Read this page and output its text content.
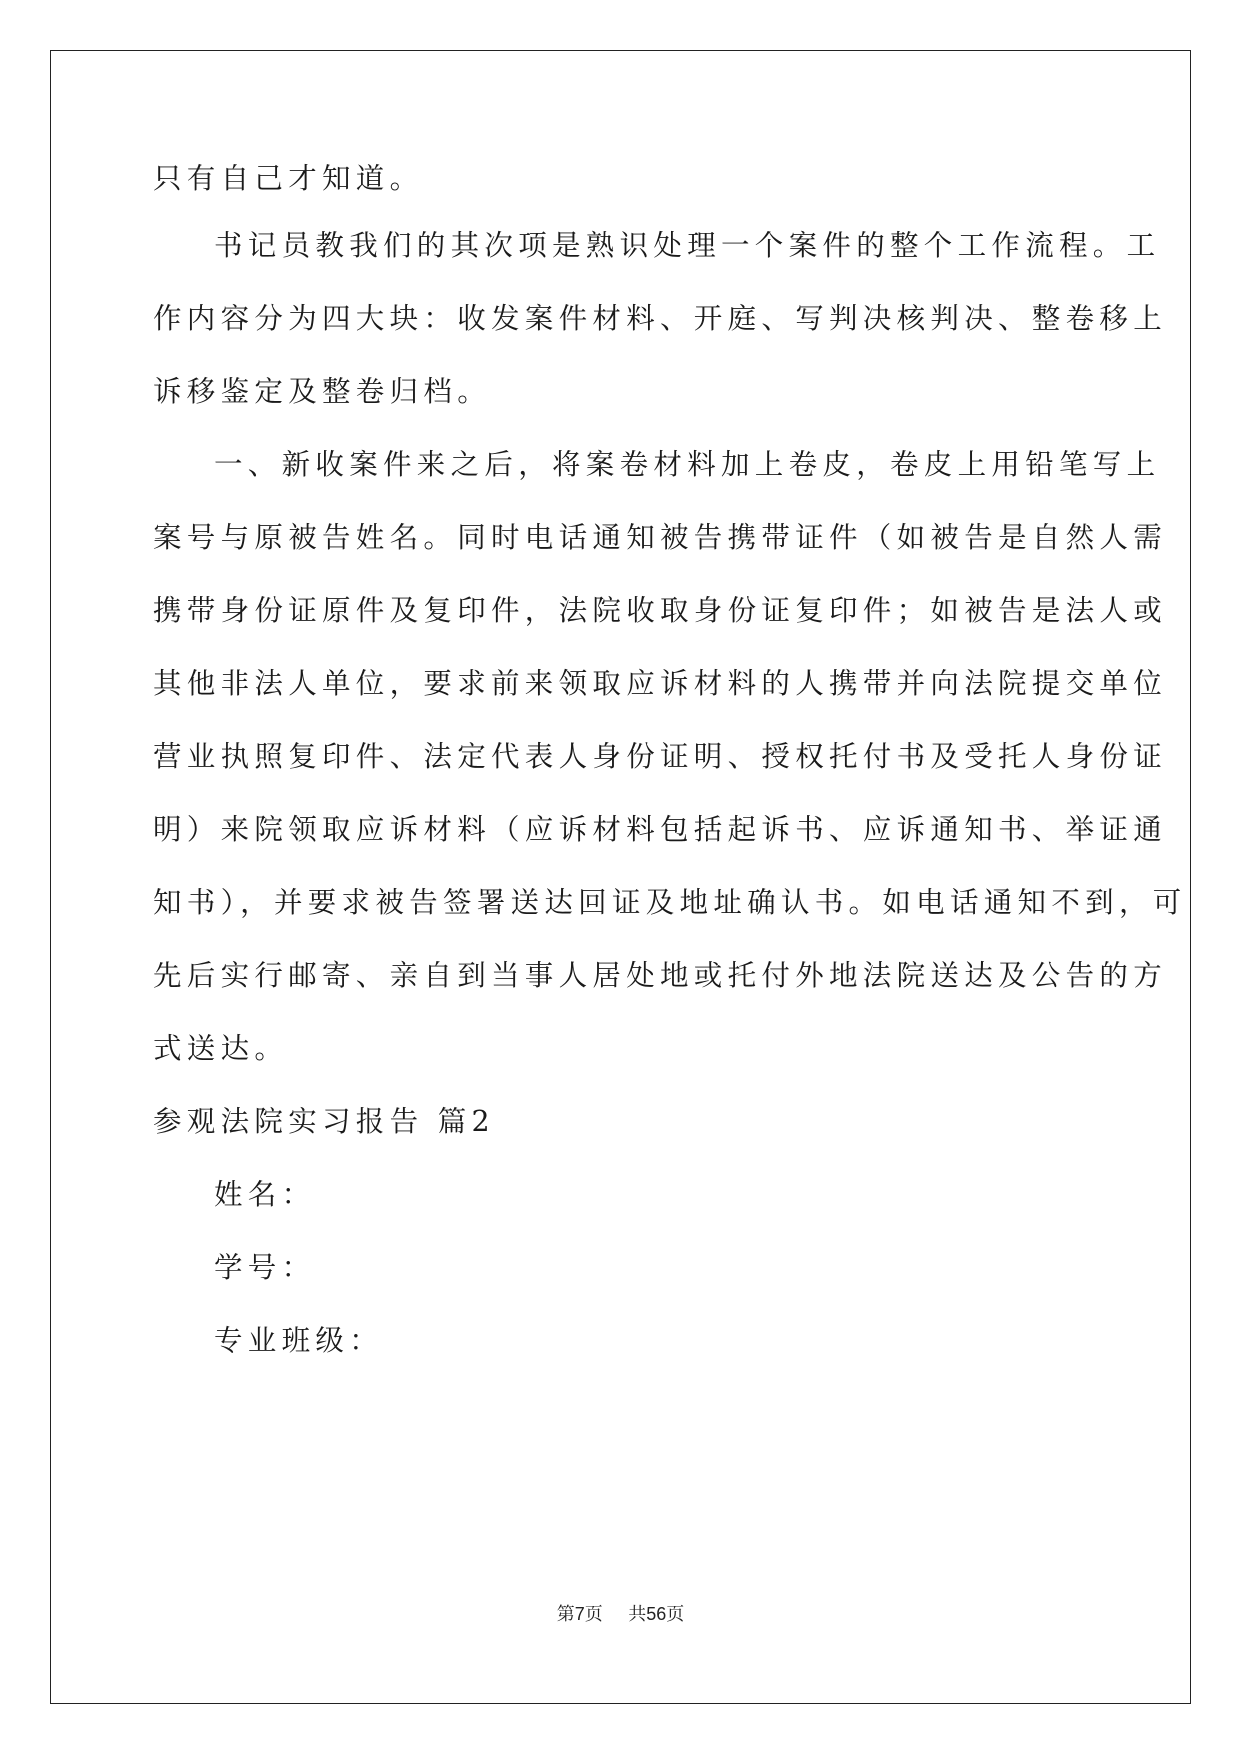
只有自己才知道。
书记员教我们的其次项是熟识处理一个案件的整个工作流程。工
作内容分为四大块：收发案件材料、开庭、写判决核判决、整卷移上
诉移鉴定及整卷归档。
一、新收案件来之后，将案卷材料加上卷皮，卷皮上用铅笔写上
案号与原被告姓名。同时电话通知被告携带证件（如被告是自然人需
携带身份证原件及复印件，法院收取身份证复印件；如被告是法人或
其他非法人单位，要求前来领取应诉材料的人携带并向法院提交单位
营业执照复印件、法定代表人身份证明、授权托付书及受托人身份证
明）来院领取应诉材料（应诉材料包括起诉书、应诉通知书、举证通
知书），并要求被告签署送达回证及地址确认书。如电话通知不到，可
先后实行邮寄、亲自到当事人居处地或托付外地法院送达及公告的方
式送达。
参观法院实习报告 篇2
姓名：
学号：
专业班级：
第7页 共56页
